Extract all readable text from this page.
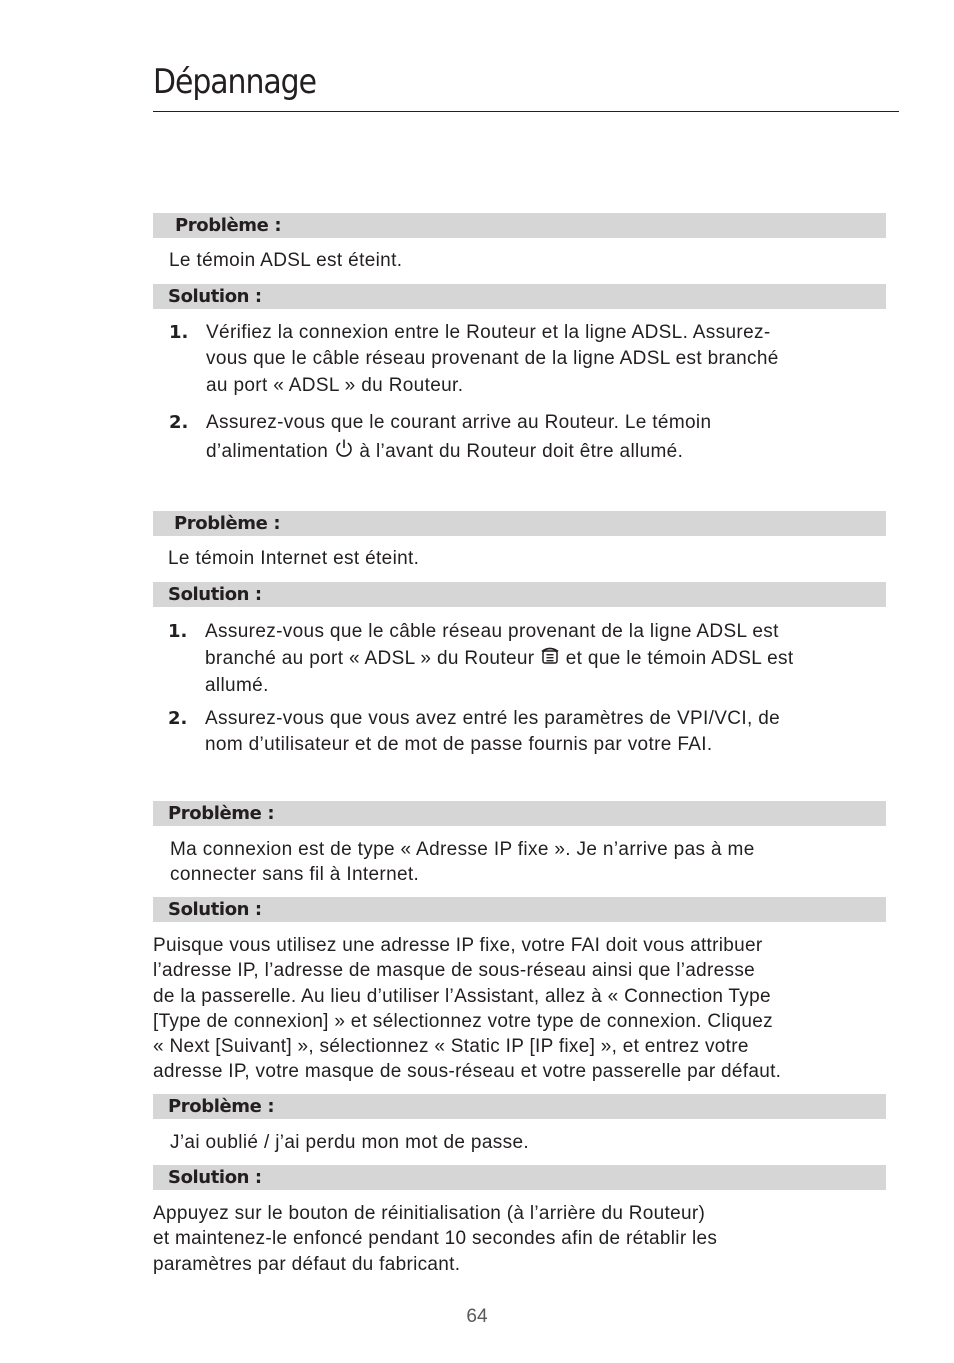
Dépannage
Problème :
Le témoin ADSL est éteint.
Solution :
1. Vérifiez la connexion entre le Routeur et la ligne ADSL. Assurez-
vous que le câble réseau provenant de la ligne ADSL est branché
au port « ADSL » du Routeur.
2. Assurez-vous que le courant arrive au Routeur. Le témoin
d’alimentation  à l’avant du Routeur doit être allumé.
Problème :
Le témoin Internet est éteint.
Solution :
1. Assurez-vous que le câble réseau provenant de la ligne ADSL est
branché au port « ADSL » du Routeur  et que le témoin ADSL est
allumé.
2. Assurez-vous que vous avez entré les paramètres de VPI/VCI, de
nom d’utilisateur et de mot de passe fournis par votre FAI.
Problème :
Ma connexion est de type « Adresse IP fixe ». Je n’arrive pas à me
connecter sans fil à Internet.
Solution :
Puisque vous utilisez une adresse IP fixe, votre FAI doit vous attribuer
l’adresse IP, l’adresse de masque de sous-réseau ainsi que l’adresse
de la passerelle. Au lieu d’utiliser l’Assistant, allez à « Connection Type
[Type de connexion] » et sélectionnez votre type de connexion. Cliquez
« Next [Suivant] », sélectionnez « Static IP [IP fixe] », et entrez votre
adresse IP, votre masque de sous-réseau et votre passerelle par défaut.
Problème :
J’ai oublié / j’ai perdu mon mot de passe.
Solution :
Appuyez sur le bouton de réinitialisation (à l’arrière du Routeur)
et maintenez-le enfoncé pendant 10 secondes afin de rétablir les
paramètres par défaut du fabricant.
64
